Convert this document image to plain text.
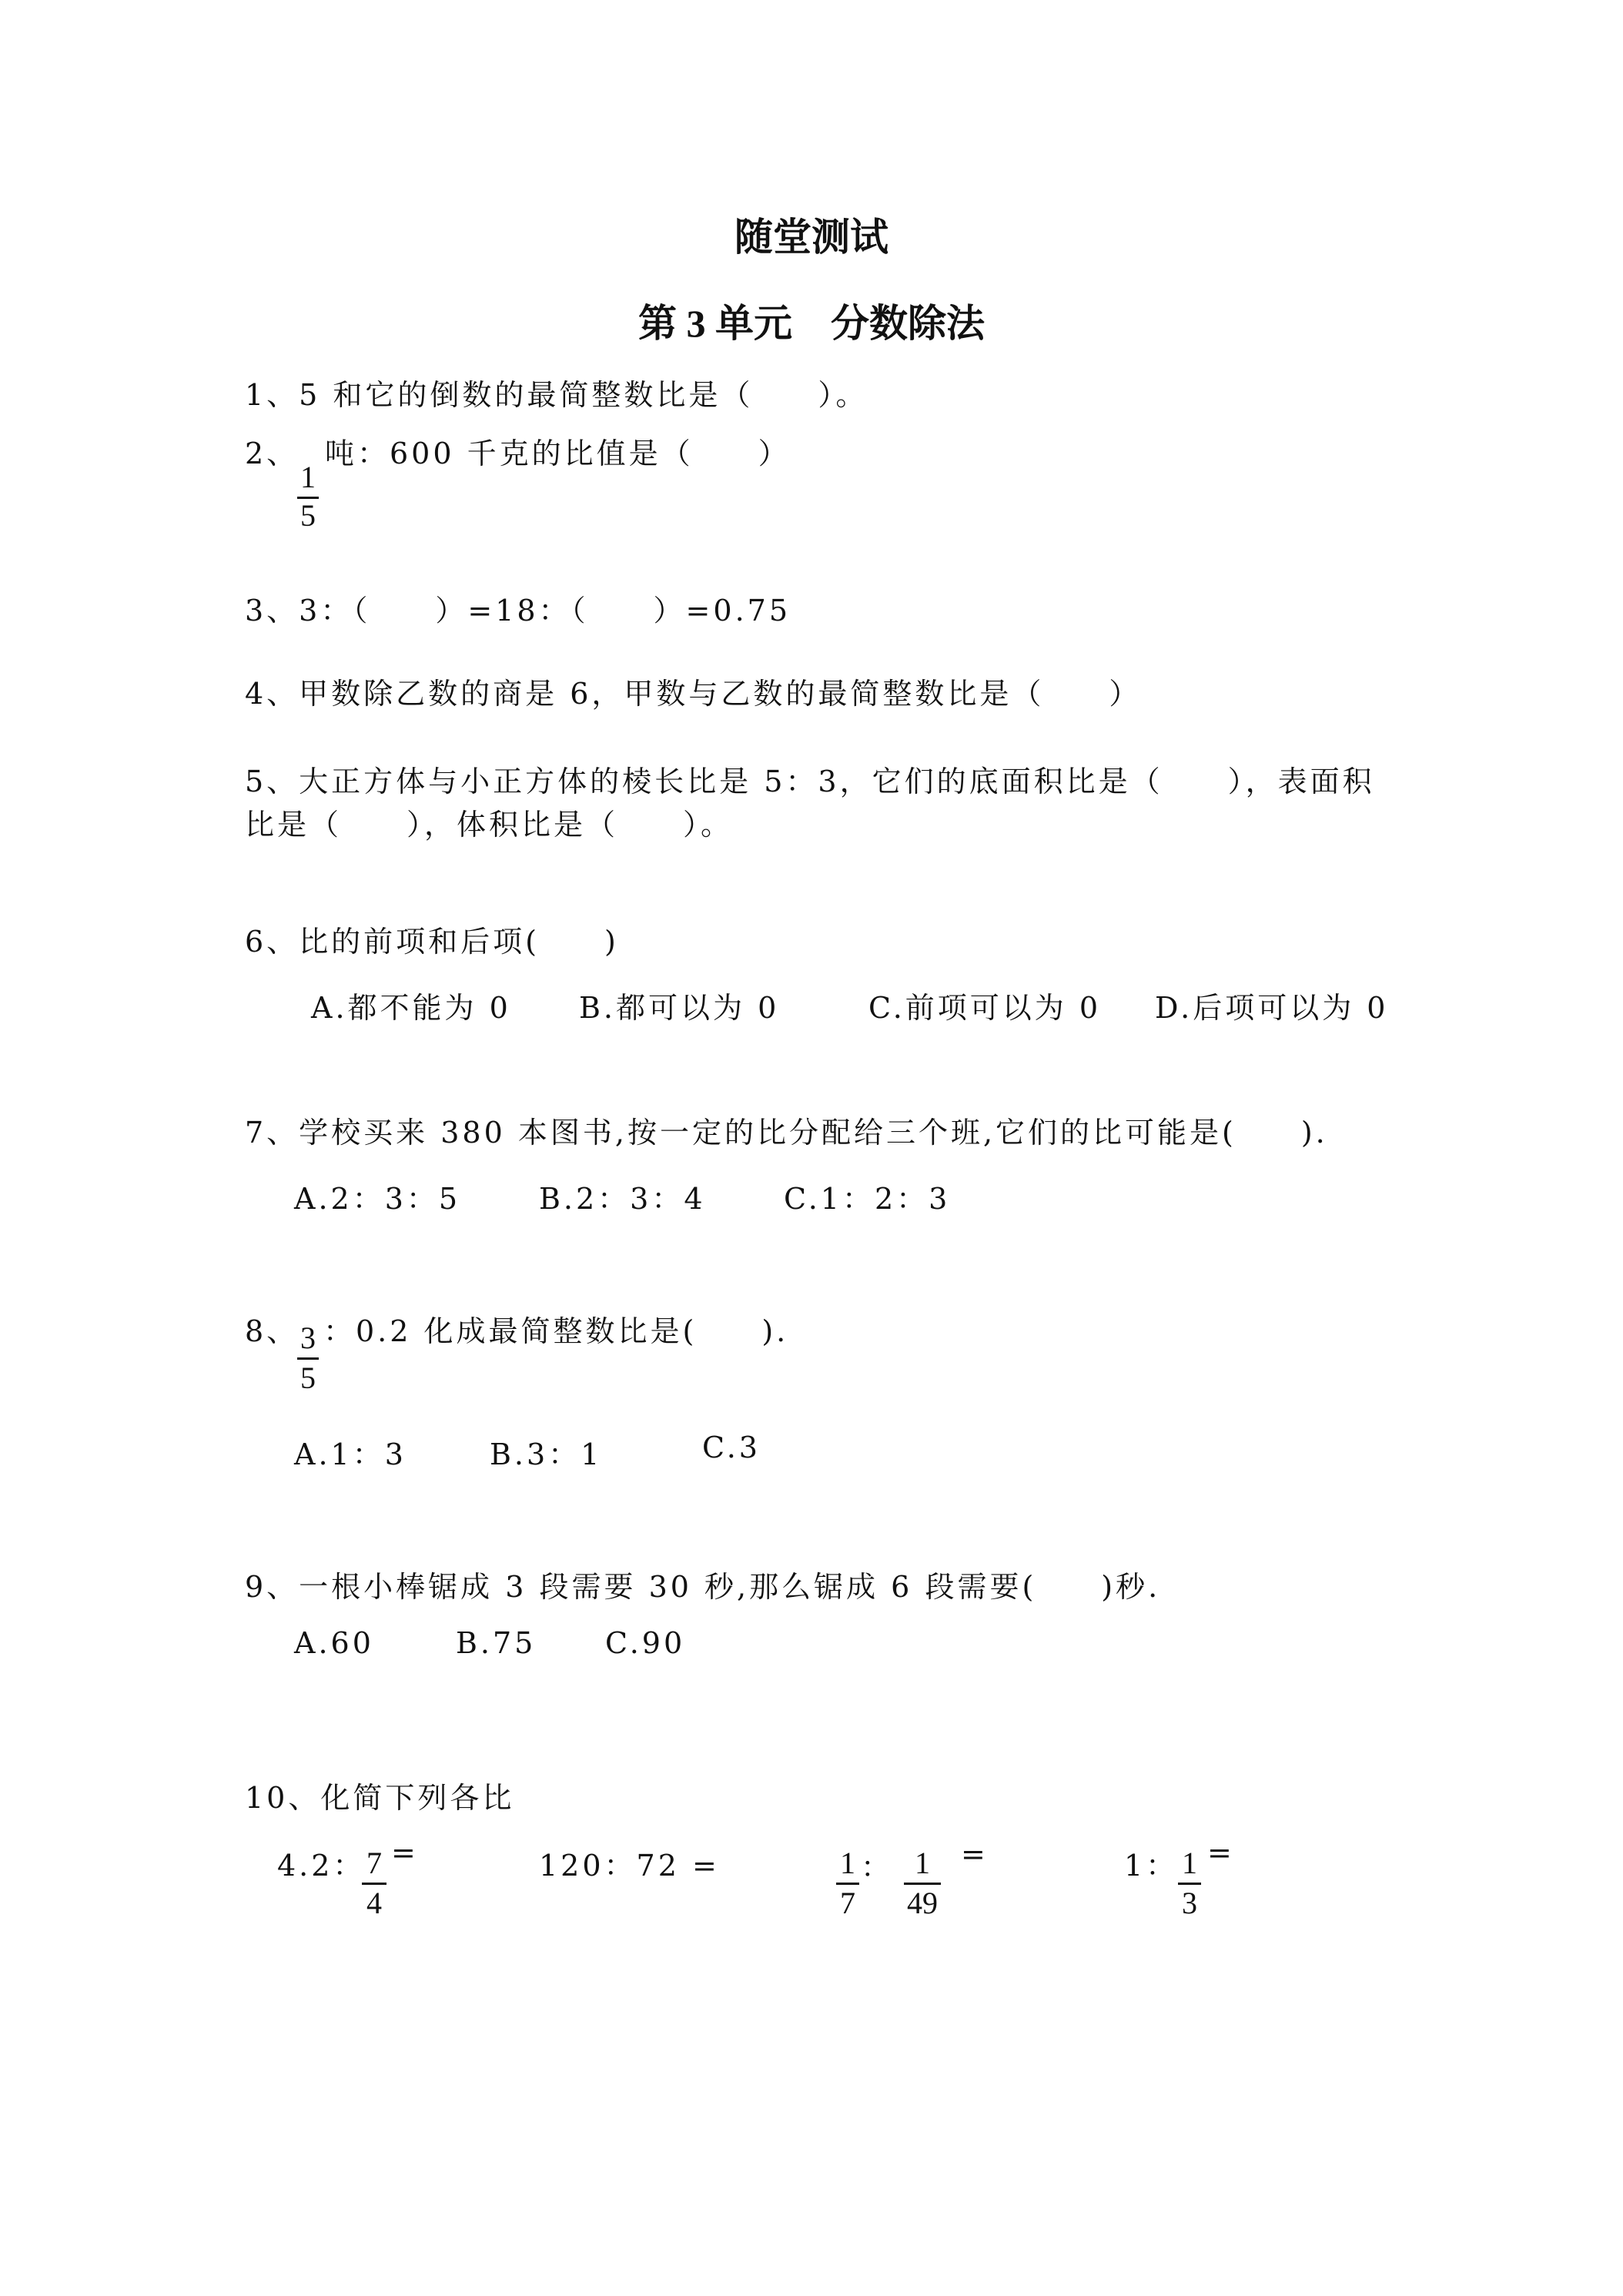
随堂测试
第 3 单元　分数除法
1、5 和它的倒数的最简整数比是（　　）。
2、
1
5
吨：600 千克的比值是（　　）
3、3：（　　）=18：（　　）=0.75
4、甲数除乙数的商是 6，甲数与乙数的最简整数比是（　　）
5、大正方体与小正方体的棱长比是 5：3，它们的底面积比是（　　），表面积
比是（　　），体积比是（　　）。
6、比的前项和后项(　　)
A.都不能为 0 B.都可以为 0	C.前项可以为 0 D.后项可以为 0
7、学校买来 380 本图书,按一定的比分配给三个班,它们的比可能是(　　).
A.2：3：5	B.2：3：4	C.1：2：3
8、 3
5
：0.2 化成最简整数比是(　　).
A.1：3	B.3：1	C.3
9、一根小棒锯成 3 段需要 30 秒,那么锯成 6 段需要(　　)秒.
A.60	B.75 C.90
10、化简下列各比
4.2： 7
4
=	120：72 =	1
7
： 1
49
=	1： 1
3
=
